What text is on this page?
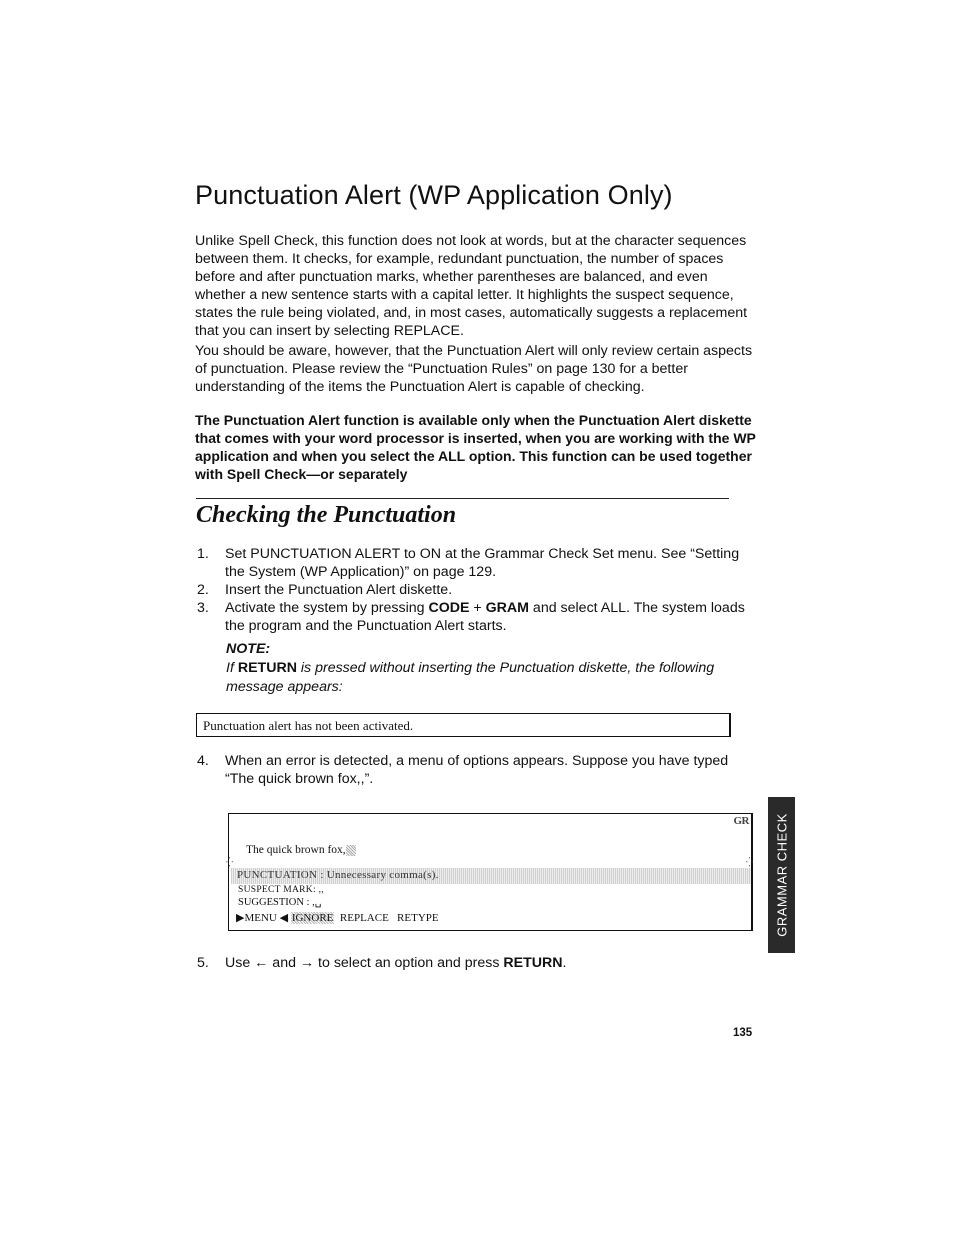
Punctuation Alert (WP Application Only)

Unlike Spell Check, this function does not look at words, but at the character sequences between them. It checks, for example, redundant punctuation, the number of spaces before and after punctuation marks, whether parentheses are balanced, and even whether a new sentence starts with a capital letter. It highlights the suspect sequence, states the rule being violated, and, in most cases, automatically suggests a replacement that you can insert by selecting REPLACE.

You should be aware, however, that the Punctuation Alert will only review certain aspects of punctuation. Please review the “Punctuation Rules” on page 130 for a better understanding of the items the Punctuation Alert is capable of checking.

The Punctuation Alert function is available only when the Punctuation Alert diskette that comes with your word processor is inserted, when you are working with the WP application and when you select the ALL option. This function can be used together with Spell Check—or separately

Checking the Punctuation
1.	Set PUNCTUATION ALERT to ON at the Grammar Check Set menu. See “Setting the System (WP Application)” on page 129.
2.	Insert the Punctuation Alert diskette.
3.	Activate the system by pressing CODE + GRAM and select ALL. The system loads the program and the Punctuation Alert starts.
NOTE:
If RETURN is pressed without inserting the Punctuation diskette, the following message appears:
Punctuation alert has not been activated.
4.	When an error is detected, a menu of options appears. Suppose you have typed “The quick brown fox,,”.
GR
The quick brown fox,
⁛	⁛
PUNCTUATION : Unnecessary comma(s).
SUSPECT MARK: ,,
SUGGESTION : ,␣
▶MENU ◀ IGNORE REPLACE RETYPE
5.	Use ← and → to select an option and press RETURN.
GRAMMAR CHECK
135
